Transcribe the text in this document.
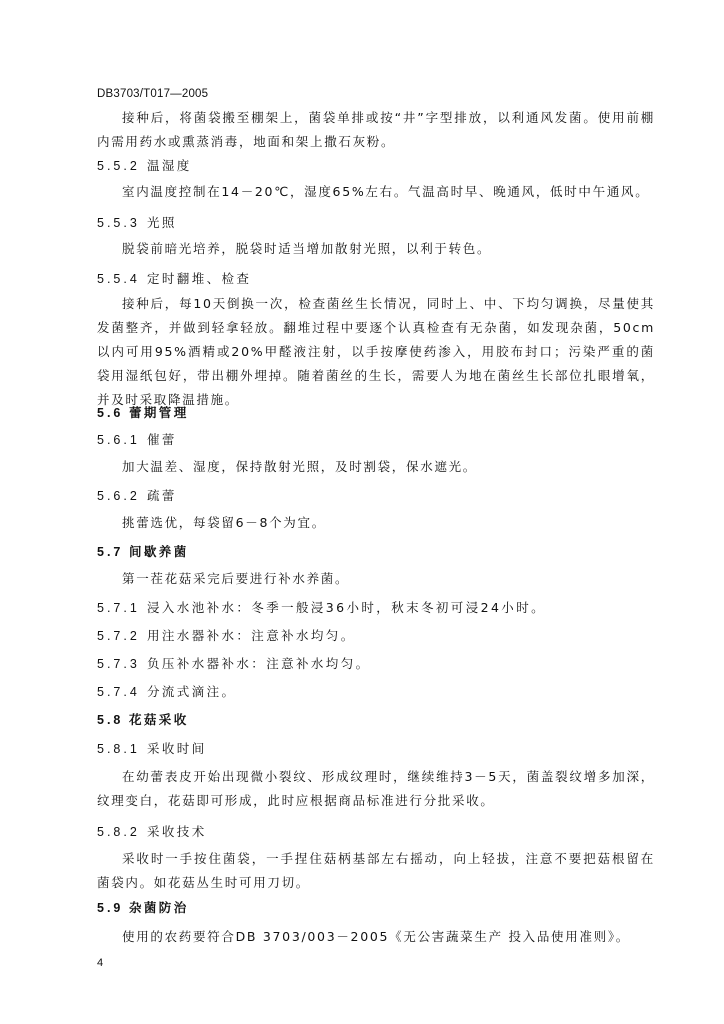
DB3703/T017—2005
接种后，将菌袋搬至棚架上，菌袋单排或按“井”字型排放，以利通风发菌。使用前棚内需用药水或熏蒸消毒，地面和架上撒石灰粉。
5.5.2 温湿度
室内温度控制在14－20℃，湿度65%左右。气温高时早、晚通风，低时中午通风。
5.5.3 光照
脱袋前暗光培养，脱袋时适当增加散射光照，以利于转色。
5.5.4 定时翻堆、检查
接种后，每10天倒换一次，检查菌丝生长情况，同时上、中、下均匀调换，尽量使其发菌整齐，并做到轻拿轻放。翻堆过程中要逐个认真检查有无杂菌，如发现杂菌，50cm以内可用95%酒精或20%甲醛液注射，以手按摩使药渗入，用胶布封口；污染严重的菌袋用湿纸包好，带出棚外埋掉。随着菌丝的生长，需要人为地在菌丝生长部位扎眼增氧，并及时采取降温措施。
5.6 蕾期管理
5.6.1 催蕾
加大温差、湿度，保持散射光照，及时割袋，保水遮光。
5.6.2 疏蕾
挑蕾选优，每袋留6－8个为宜。
5.7 间歇养菌
第一茬花菇采完后要进行补水养菌。
5.7.1 浸入水池补水：冬季一般浸36小时，秋末冬初可浸24小时。
5.7.2 用注水器补水：注意补水均匀。
5.7.3 负压补水器补水：注意补水均匀。
5.7.4 分流式滴注。
5.8 花菇采收
5.8.1 采收时间
在幼蕾表皮开始出现微小裂纹、形成纹理时，继续维持3－5天，菌盖裂纹增多加深，纹理变白，花菇即可形成，此时应根据商品标准进行分批采收。
5.8.2 采收技术
采收时一手按住菌袋，一手捏住菇柄基部左右摇动，向上轻拔，注意不要把菇根留在菌袋内。如花菇丛生时可用刀切。
5.9 杂菌防治
使用的农药要符合DB 3703/003－2005《无公害蔬菜生产 投入品使用准则》。
4
